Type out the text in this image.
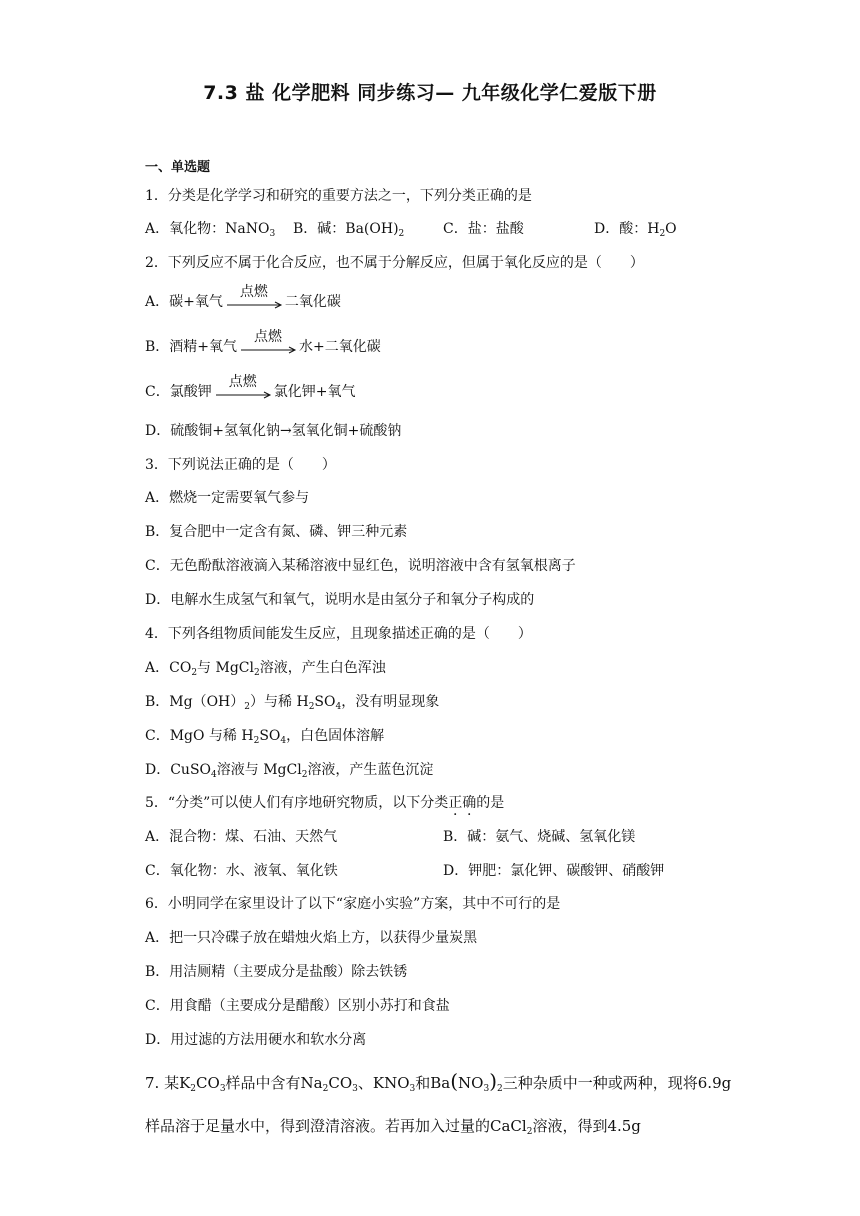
7.3 盐 化学肥料 同步练习— 九年级化学仁爱版下册
一、单选题
1．分类是化学学习和研究的重要方法之一，下列分类正确的是
A．氧化物：NaNO$_3$ B．碱：$Ba(OH)_2$	C．盐：盐酸	D．酸：$H_2O$
2．下列反应不属于化合反应，也不属于分解反应，但属于氧化反应的是（　　）
A．碳+氧气
点燃
二氧化碳
B．酒精+氧气
点燃
水+二氧化碳
C．氯酸钾
点燃
氯化钾+氧气
D．硫酸铜+氢氧化钠→氢氧化铜+硫酸钠
3．下列说法正确的是（　　）
A．燃烧一定需要氧气参与
B．复合肥中一定含有氮、磷、钾三种元素
C．无色酚酞溶液滴入某稀溶液中显红色，说明溶液中含有氢氧根离子
D．电解水生成氢气和氧气，说明水是由氢分子和氧分子构成的
4．下列各组物质间能发生反应，且现象描述正确的是（　　）
A．$CO_2$与 MgCl$_2$溶液，产生白色浑浊
B．$Mg(OH)_2$）与稀 $H_2SO_4$，没有明显现象
C．MgO 与稀 $H_2SO_4$，白色固体溶解
D．CuSO$_4$溶液与 MgCl$_2$溶液，产生蓝色沉淀
5．“分类”可以使人们有序地研究物质，以下分类正确的是
A．混合物：煤、石油、天然气	B．碱：氨气、烧碱、氢氧化镁
C．氧化物：水、液氧、氧化铁	D．钾肥：氯化钾、碳酸钾、硝酸钾
6．小明同学在家里设计了以下“家庭小实验”方案，其中不可行的是
A．把一只冷碟子放在蜡烛火焰上方，以获得少量炭黑
B．用洁厕精（主要成分是盐酸）除去铁锈
C．用食醋（主要成分是醋酸）区别小苏打和食盐
D．用过滤的方法用硬水和软水分离
7. 某$K_2CO_3$样品中含有$Na_2CO_3$、$KNO_3$和$Ba(NO_3)_2$三种杂质中一种或两种，现将6.9g
样品溶于足量水中，得到澄清溶液。若再加入过量的CaCl$_2$溶液，得到4.5g
